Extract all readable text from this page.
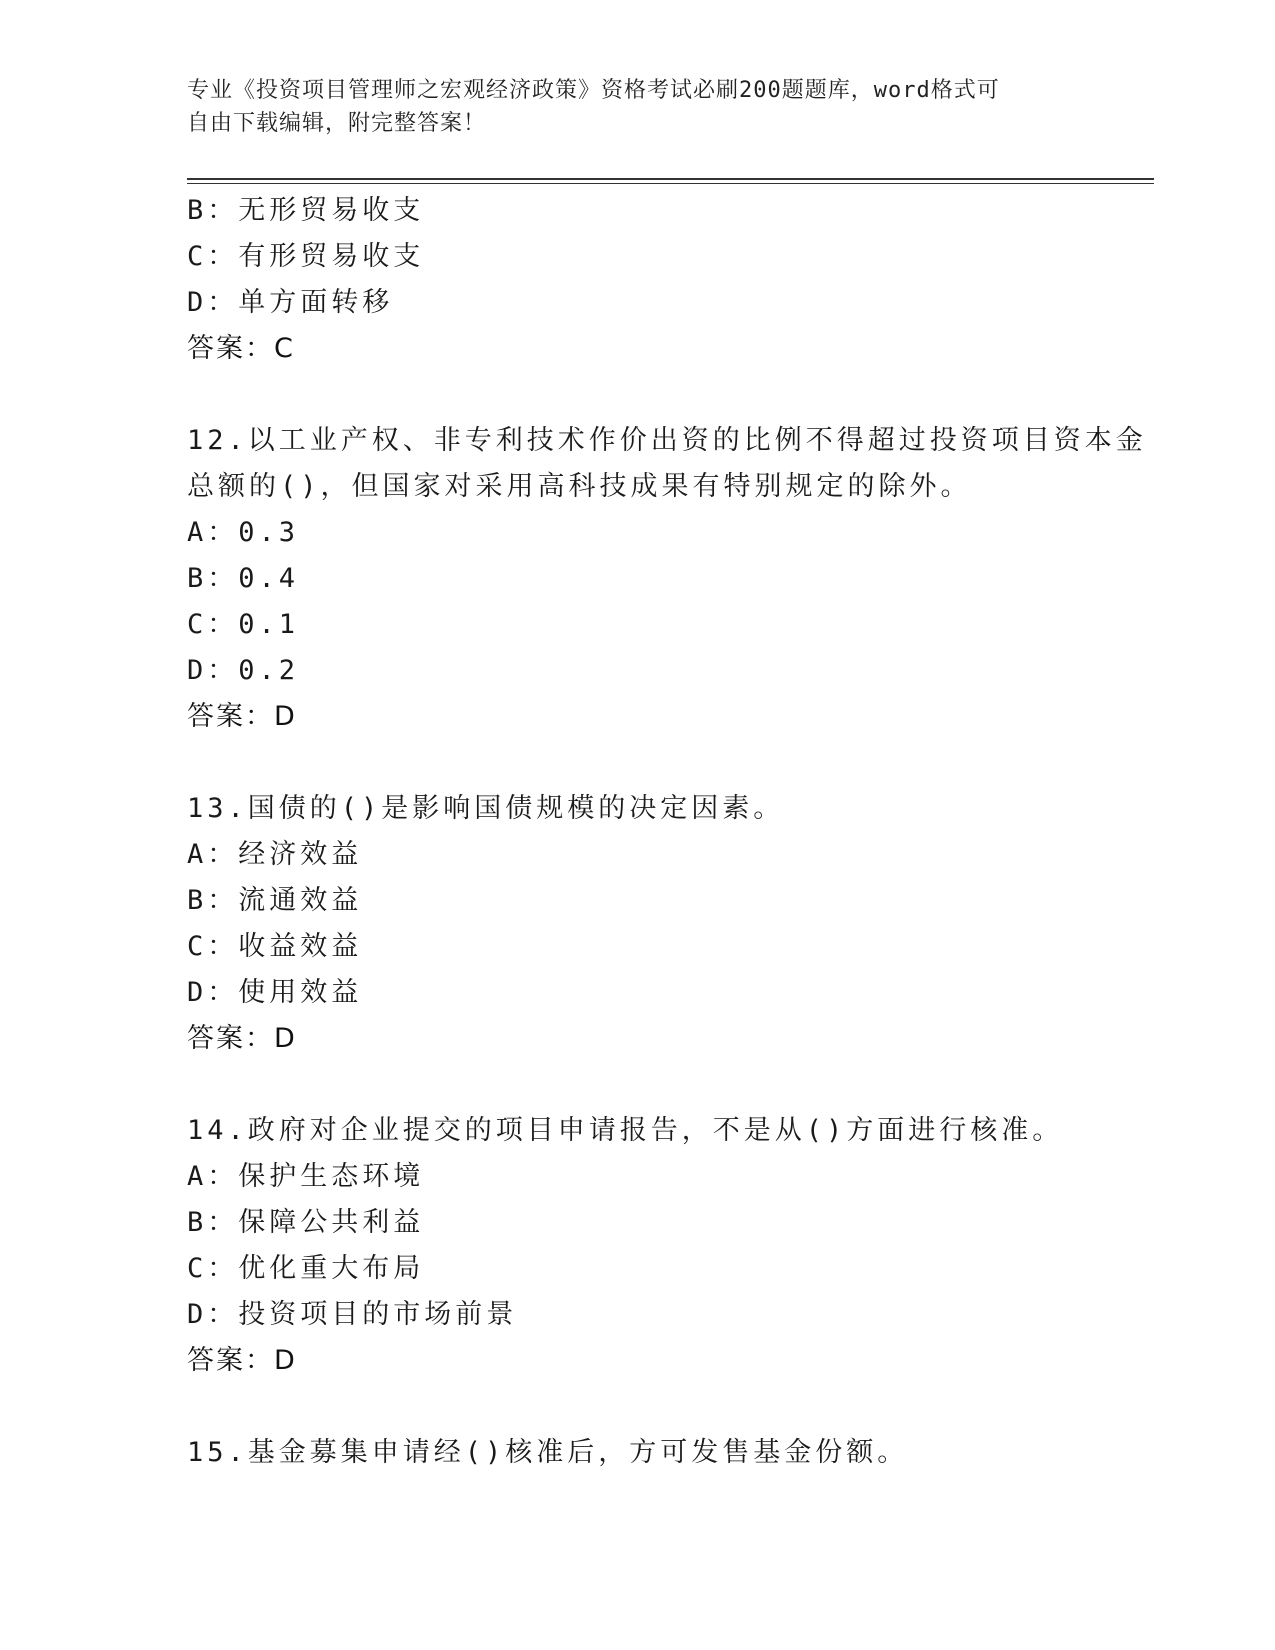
专业《投资项目管理师之宏观经济政策》资格考试必刷200题题库，word格式可
自由下载编辑，附完整答案！
B：无形贸易收支
C：有形贸易收支
D：单方面转移
答案：C
12.以工业产权、非专利技术作价出资的比例不得超过投资项目资本金
总额的()，但国家对采用高科技成果有特别规定的除外。
A：0.3
B：0.4
C：0.1
D：0.2
答案：D
13.国债的()是影响国债规模的决定因素。
A：经济效益
B：流通效益
C：收益效益
D：使用效益
答案：D
14.政府对企业提交的项目申请报告，不是从()方面进行核准。
A：保护生态环境
B：保障公共利益
C：优化重大布局
D：投资项目的市场前景
答案：D
15.基金募集申请经()核准后，方可发售基金份额。
